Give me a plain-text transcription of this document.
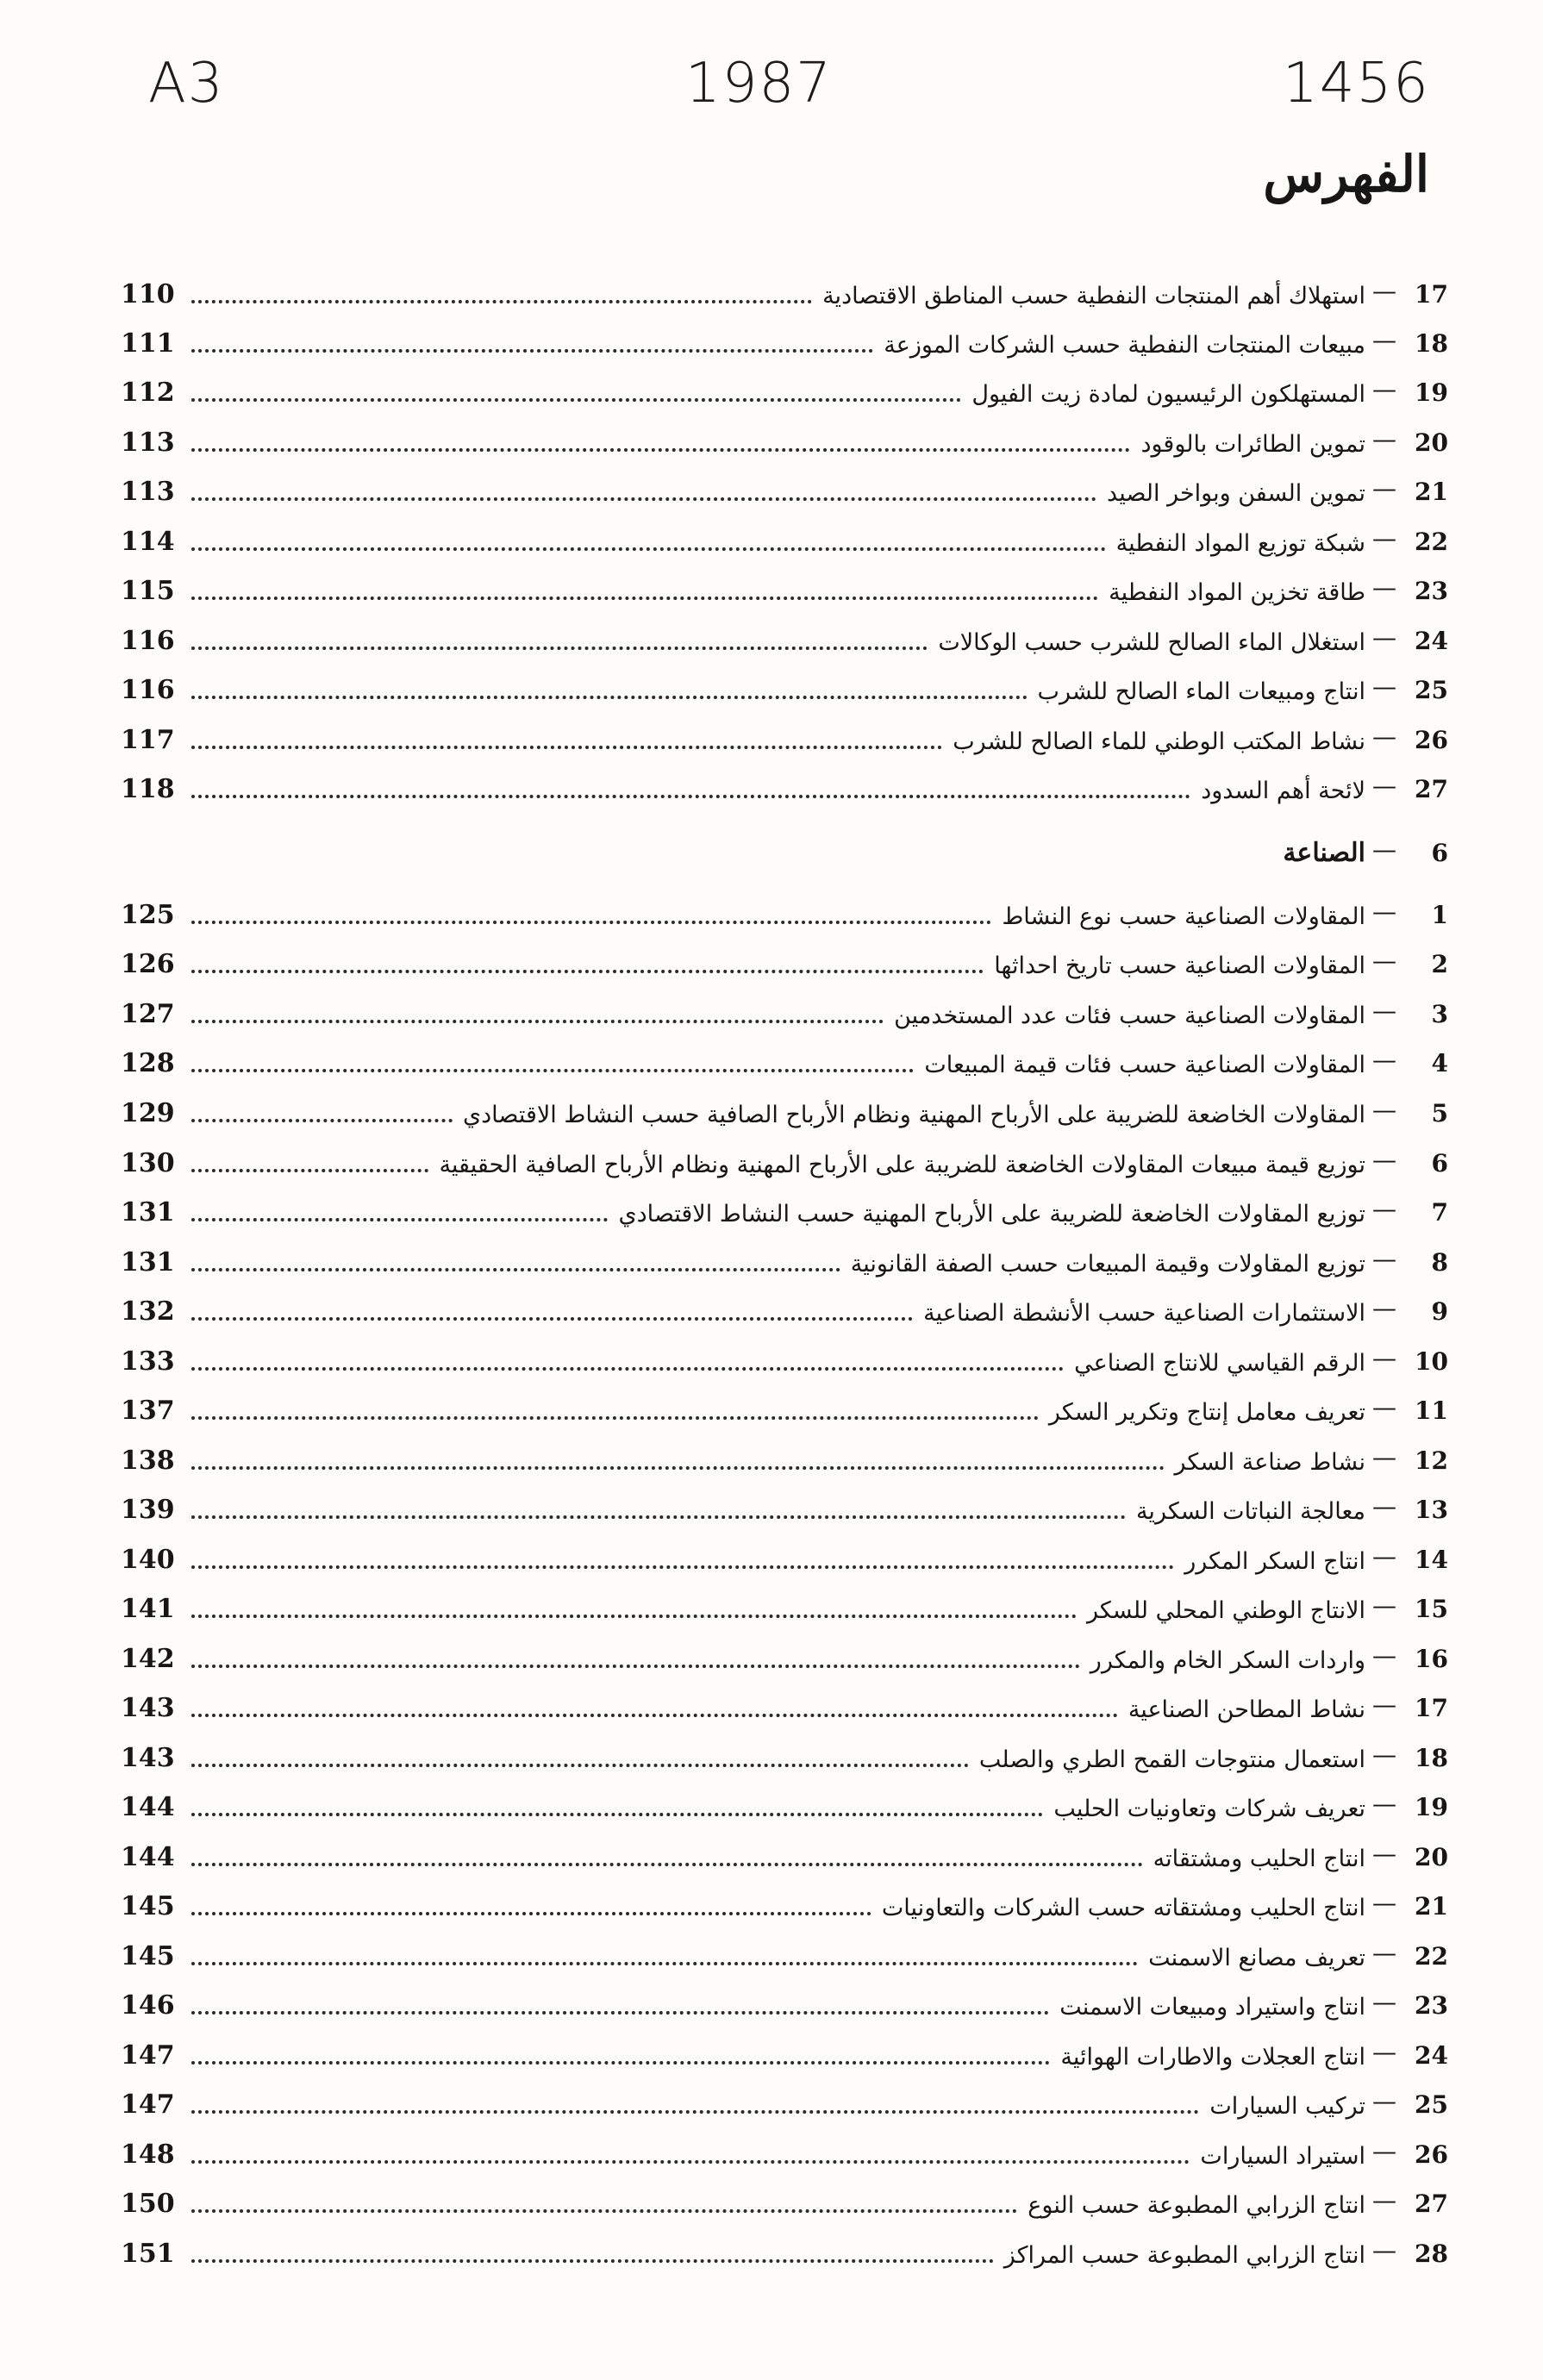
A3	1987	1456
الفهرس
17
—
استهلاك أهم المنتجات النفطية حسب المناطق الاقتصادية
110
18
—
مبيعات المنتجات النفطية حسب الشركات الموزعة
111
19
—
المستهلكون الرئيسيون لمادة زيت الفيول
112
20
—
تموين الطائرات بالوقود
113
21
—
تموين السفن وبواخر الصيد
113
22
—
شبكة توزيع المواد النفطية
114
23
—
طاقة تخزين المواد النفطية
115
24
—
استغلال الماء الصالح للشرب حسب الوكالات
116
25
—
انتاج ومبيعات الماء الصالح للشرب
116
26
—
نشاط المكتب الوطني للماء الصالح للشرب
117
27
—
لائحة أهم السدود
118
6
—
الصناعة
1
—
المقاولات الصناعية حسب نوع النشاط
125
2
—
المقاولات الصناعية حسب تاريخ احداثها
126
3
—
المقاولات الصناعية حسب فئات عدد المستخدمين
127
4
—
المقاولات الصناعية حسب فئات قيمة المبيعات
128
5
—
المقاولات الخاضعة للضريبة على الأرباح المهنية ونظام الأرباح الصافية حسب النشاط الاقتصادي
129
6
—
توزيع قيمة مبيعات المقاولات الخاضعة للضريبة على الأرباح المهنية ونظام الأرباح الصافية الحقيقية
130
7
—
توزيع المقاولات الخاضعة للضريبة على الأرباح المهنية حسب النشاط الاقتصادي
131
8
—
توزيع المقاولات وقيمة المبيعات حسب الصفة القانونية
131
9
—
الاستثمارات الصناعية حسب الأنشطة الصناعية
132
10
—
الرقم القياسي للانتاج الصناعي
133
11
—
تعريف معامل إنتاج وتكرير السكر
137
12
—
نشاط صناعة السكر
138
13
—
معالجة النباتات السكرية
139
14
—
انتاج السكر المكرر
140
15
—
الانتاج الوطني المحلي للسكر
141
16
—
واردات السكر الخام والمكرر
142
17
—
نشاط المطاحن الصناعية
143
18
—
استعمال منتوجات القمح الطري والصلب
143
19
—
تعريف شركات وتعاونيات الحليب
144
20
—
انتاج الحليب ومشتقاته
144
21
—
انتاج الحليب ومشتقاته حسب الشركات والتعاونيات
145
22
—
تعريف مصانع الاسمنت
145
23
—
انتاج واستيراد ومبيعات الاسمنت
146
24
—
انتاج العجلات والاطارات الهوائية
147
25
—
تركيب السيارات
147
26
—
استيراد السيارات
148
27
—
انتاج الزرابي المطبوعة حسب النوع
150
28
—
انتاج الزرابي المطبوعة حسب المراكز
151
